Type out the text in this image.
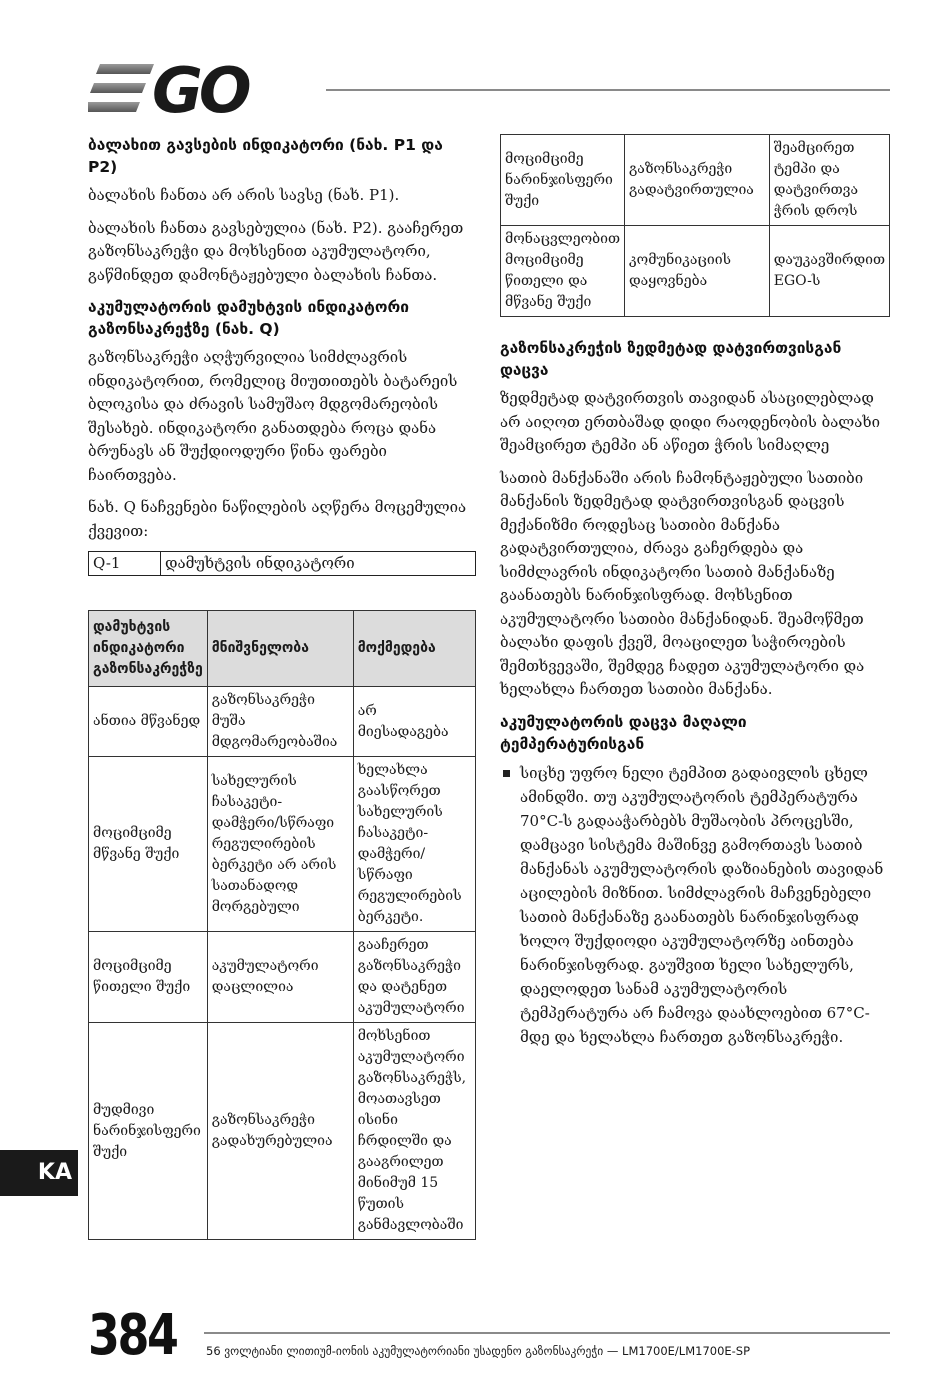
GO
ბალახით გავსების ინდიკატორი (ნახ. P1 და P2)

ბალახის ჩანთა არ არის სავსე (ნახ. P1).

ბალახის ჩანთა გავსებულია (ნახ. P2). გააჩერეთ გაზონსაკრეჭი და მოხსენით აკუმულატორი, გაწმინდეთ დამონტაჟებული ბალახის ჩანთა.

აკუმულატორის დამუხტვის ინდიკატორი გაზონსაკრეჭზე (ნახ. Q)

გაზონსაკრეჭი აღჭურვილია სიმძლავრის ინდიკატორით, რომელიც მიუთითებს ბატარეის ბლოკისა და ძრავის სამუშაო მდგომარეობის შესახებ. ინდიკატორი განათდება როცა დანა ბრუნავს ან შუქდიოდური წინა ფარები ჩაირთვება.

ნახ. Q ნაჩვენები ნაწილების აღწერა მოცემულია ქვევით:

Q-1	დამუხტვის ინდიკატორი
დამუხტვის ინდიკატორი გაზონსაკრეჭზე	მნიშვნელობა	მოქმედება
ანთია მწვანედ	გაზონსაკრეჭი მუშა მდგომარეობაშია	არ მიესადაგება
მოციმციმე მწვანე შუქი	სახელურის ჩასაკეტი-დამჭერი/სწრაფი რეგულირების ბერკეტი არ არის სათანადოდ მორგებული	ხელახლა გაასწორეთ სახელურის ჩასაკეტი-დამჭერი/სწრაფი რეგულირების ბერკეტი.
მოციმციმე წითელი შუქი	აკუმულატორი დაცლილია	გააჩერეთ გაზონსაკრეჭი და დატენეთ აკუმულატორი
მუდმივი ნარინჯისფერი შუქი	გაზონსაკრეჭი გადახურებულია	მოხსენით აკუმულატორი გაზონსაკრეჭს, მოათავსეთ ისინი ჩრდილში და გააგრილეთ მინიმუმ 15 წუთის განმავლობაში
მოციმციმე ნარინჯისფერი შუქი	გაზონსაკრეჭი გადატვირთულია	შეამცირეთ ტემპი და დატვირთვა ჭრის დროს
მონაცვლეობით მოციმციმე წითელი და მწვანე შუქი	კომუნიკაციის დაყოვნება	დაუკავშირდით EGO-ს
გაზონსაკრეჭის ზედმეტად დატვირთვისგან დაცვა

ზედმეტად დატვირთვის თავიდან ასაცილებლად არ აიღოთ ერთბაშად დიდი რაოდენობის ბალახი შეამცირეთ ტემპი ან აწიეთ ჭრის სიმაღლე

სათიბ მანქანაში არის ჩამონტაჟებული სათიბი მანქანის ზედმეტად დატვირთვისგან დაცვის მექანიზმი როდესაც სათიბი მანქანა გადატვირთულია, ძრავა გაჩერდება და სიმძლავრის ინდიკატორი სათიბ მანქანაზე გაანათებს ნარინჯისფრად. მოხსენით აკუმულატორი სათიბი მანქანიდან. შეამოწმეთ ბალახი დაფის ქვეშ, მოაცილეთ საჭიროების შემთხვევაში, შემდეგ ჩადეთ აკუმულატორი და ხელახლა ჩართეთ სათიბი მანქანა.

აკუმულატორის დაცვა მაღალი ტემპერატურისგან
სიცხე უფრო ნელი ტემპით გადაივლის ცხელ ამინდში. თუ აკუმულატორის ტემპერატურა 70°C-ს გადააჭარბებს მუშაობის პროცესში, დამცავი სისტემა მაშინვე გამორთავს სათიბ მანქანას აკუმულატორის დაზიანების თავიდან აცილების მიზნით. სიმძლავრის მაჩვენებელი სათიბ მანქანაზე გაანათებს ნარინჯისფრად ხოლო შუქდიოდი აკუმულატორზე აინთება ნარინჯისფრად. გაუშვით ხელი სახელურს, დაელოდეთ სანამ აკუმულატორის ტემპერატურა არ ჩამოვა დაახლოებით 67°C-მდე და ხელახლა ჩართეთ გაზონსაკრეჭი.
KA
384	56 ვოლტიანი ლითიუმ-იონის აკუმულატორიანი უსადენო გაზონსაკრეჭი — LM1700E/LM1700E-SP
